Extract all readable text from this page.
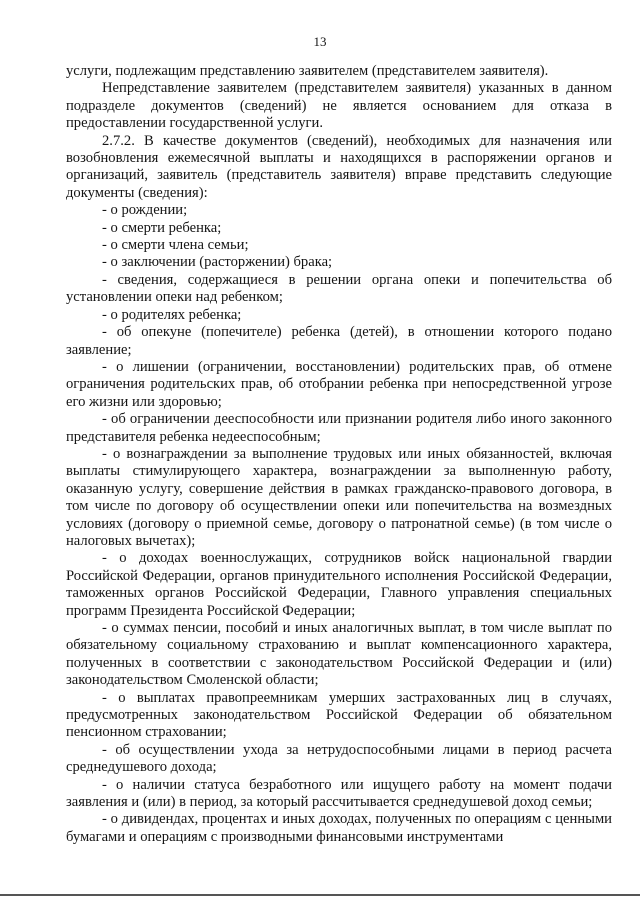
13

услуги, подлежащим представлению заявителем (представителем заявителя).

Непредставление заявителем (представителем заявителя) указанных в данном подразделе документов (сведений) не является основанием для отказа в предоставлении государственной услуги.

2.7.2. В качестве документов (сведений), необходимых для назначения или возобновления ежемесячной выплаты и находящихся в распоряжении органов и организаций, заявитель (представитель заявителя) вправе представить следующие документы (сведения):

- о рождении;

- о смерти ребенка;

- о смерти члена семьи;

- о заключении (расторжении) брака;

- сведения, содержащиеся в решении органа опеки и попечительства об установлении опеки над ребенком;

- о родителях ребенка;

- об опекуне (попечителе) ребенка (детей), в отношении которого подано заявление;

- о лишении (ограничении, восстановлении) родительских прав, об отмене ограничения родительских прав, об отобрании ребенка при непосредственной угрозе его жизни или здоровью;

- об ограничении дееспособности или признании родителя либо иного законного представителя ребенка недееспособным;

- о вознаграждении за выполнение трудовых или иных обязанностей, включая выплаты стимулирующего характера, вознаграждении за выполненную работу, оказанную услугу, совершение действия в рамках гражданско-правового договора, в том числе по договору об осуществлении опеки или попечительства на возмездных условиях (договору о приемной семье, договору о патронатной семье) (в том числе о налоговых вычетах);

- о доходах военнослужащих, сотрудников войск национальной гвардии Российской Федерации, органов принудительного исполнения Российской Федерации, таможенных органов Российской Федерации, Главного управления специальных программ Президента Российской Федерации;

- о суммах пенсии, пособий и иных аналогичных выплат, в том числе выплат по обязательному социальному страхованию и выплат компенсационного характера, полученных в соответствии с законодательством Российской Федерации и (или) законодательством Смоленской области;

- о выплатах правопреемникам умерших застрахованных лиц в случаях, предусмотренных законодательством Российской Федерации об обязательном пенсионном страховании;

- об осуществлении ухода за нетрудоспособными лицами в период расчета среднедушевого дохода;

- о наличии статуса безработного или ищущего работу на момент подачи заявления и (или) в период, за который рассчитывается среднедушевой доход семьи;

- о дивидендах, процентах и иных доходах, полученных по операциям с ценными бумагами и операциям с производными финансовыми инструментами
